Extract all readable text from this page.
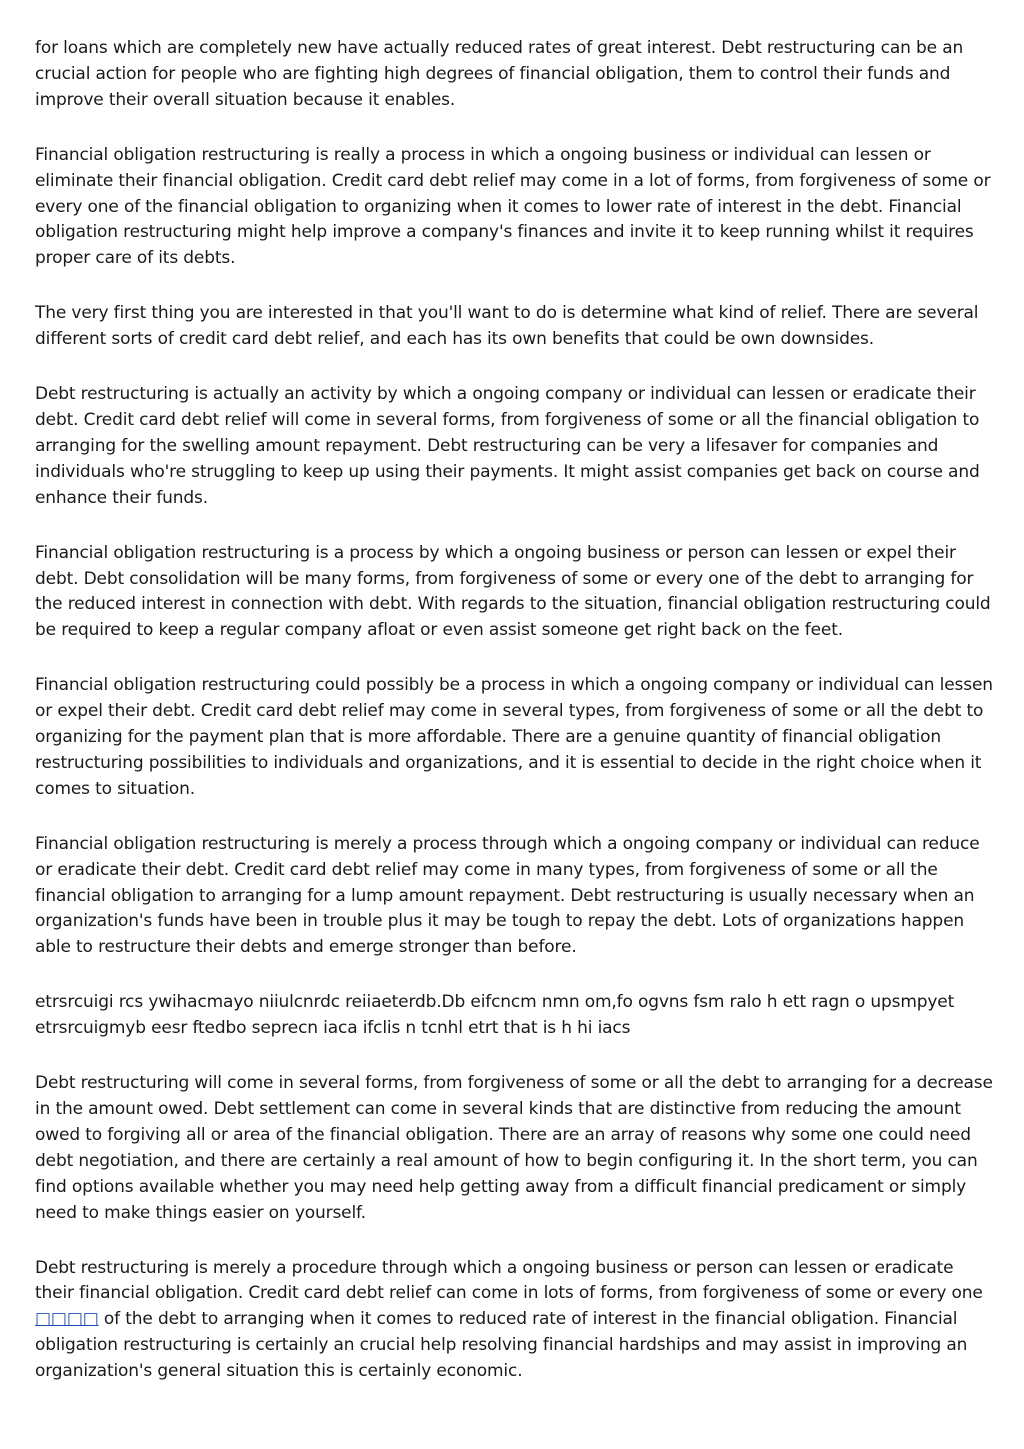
for loans which are completely new have actually reduced rates of great interest. Debt restructuring can be an crucial action for people who are fighting high degrees of financial obligation, them to control their funds and improve their overall situation because it enables.

Financial obligation restructuring is really a process in which a ongoing business or individual can lessen or eliminate their financial obligation. Credit card debt relief may come in a lot of forms, from forgiveness of some or every one of the financial obligation to organizing when it comes to lower rate of interest in the debt. Financial obligation restructuring might help improve a company's finances and invite it to keep running whilst it requires proper care of its debts.

The very first thing you are interested in that you'll want to do is determine what kind of relief. There are several different sorts of credit card debt relief, and each has its own benefits that could be own downsides.

Debt restructuring is actually an activity by which a ongoing company or individual can lessen or eradicate their debt. Credit card debt relief will come in several forms, from forgiveness of some or all the financial obligation to arranging for the swelling amount repayment. Debt restructuring can be very a lifesaver for companies and individuals who're struggling to keep up using their payments. It might assist companies get back on course and enhance their funds.

Financial obligation restructuring is a process by which a ongoing business or person can lessen or expel their debt. Debt consolidation will be many forms, from forgiveness of some or every one of the debt to arranging for the reduced interest in connection with debt. With regards to the situation, financial obligation restructuring could be required to keep a regular company afloat or even assist someone get right back on the feet.

Financial obligation restructuring could possibly be a process in which a ongoing company or individual can lessen or expel their debt. Credit card debt relief may come in several types, from forgiveness of some or all the debt to organizing for the payment plan that is more affordable. There are a genuine quantity of financial obligation restructuring possibilities to individuals and organizations, and it is essential to decide in the right choice when it comes to situation.

Financial obligation restructuring is merely a process through which a ongoing company or individual can reduce or eradicate their debt. Credit card debt relief may come in many types, from forgiveness of some or all the financial obligation to arranging for a lump amount repayment. Debt restructuring is usually necessary when an organization's funds have been in trouble plus it may be tough to repay the debt. Lots of organizations happen able to restructure their debts and emerge stronger than before.

etrsrcuigi rcs ywihacmayo niiulcnrdc reiiaeterdb.Db eifcncm nmn om,fo ogvns fsm ralo h ett ragn o upsmpyet etrsrcuigmyb eesr ftedbo seprecn iaca ifclis n tcnhl etrt that is h hi iacs

Debt restructuring will come in several forms, from forgiveness of some or all the debt to arranging for a decrease in the amount owed. Debt settlement can come in several kinds that are distinctive from reducing the amount owed to forgiving all or area of the financial obligation. There are an array of reasons why some one could need debt negotiation, and there are certainly a real amount of how to begin configuring it. In the short term, you can find options available whether you may need help getting away from a difficult financial predicament or simply need to make things easier on yourself.

Debt restructuring is merely a procedure through which a ongoing business or person can lessen or eradicate their financial obligation. Credit card debt relief can come in lots of forms, from forgiveness of some or every one □□□□ of the debt to arranging when it comes to reduced rate of interest in the financial obligation. Financial obligation restructuring is certainly an crucial help resolving financial hardships and may assist in improving an organization's general situation this is certainly economic.
